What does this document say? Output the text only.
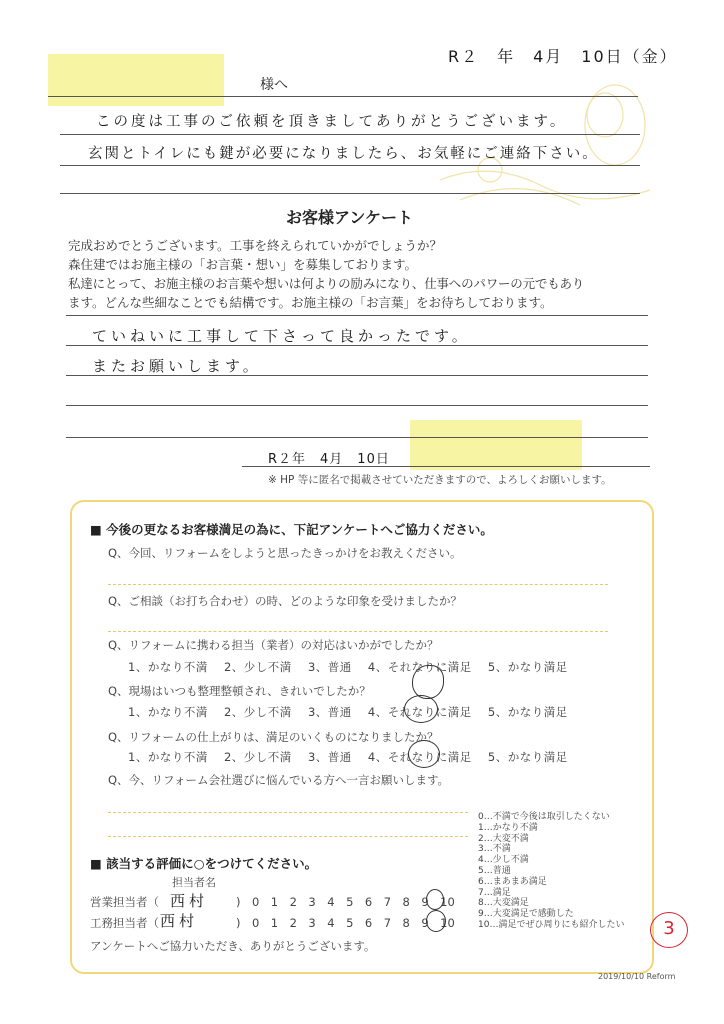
R２　年　4月　10日（金）
様へ
この度は工事のご依頼を頂きましてありがとうございます。
玄関とトイレにも鍵が必要になりましたら、お気軽にご連絡下さい。
お客様アンケート
完成おめでとうございます。工事を終えられていかがでしょうか？
森住建ではお施主様の「お言葉・想い」を募集しております。
私達にとって、お施主様のお言葉や想いは何よりの励みになり、仕事へのパワーの元でもあり
ます。どんな些細なことでも結構です。お施主様の「お言葉」をお待ちしております。
ていねいに工事して下さって良かったです。
またお願いします。
R２年　4月　10日
※ HP 等に匿名で掲載させていただきますので、よろしくお願いします。
■ 今後の更なるお客様満足の為に、下記アンケートへご協力ください。
Q、今回、リフォームをしようと思ったきっかけをお教えください。
Q、ご相談（お打ち合わせ）の時、どのような印象を受けましたか？
Q、リフォームに携わる担当（業者）の対応はいかがでしたか？
1、かなり不満　 2、少し不満　 3、普通　 4、それなりに満足　 5、かなり満足
Q、現場はいつも整理整頓され、きれいでしたか？
1、かなり不満　 2、少し不満　 3、普通　 4、それなりに満足　 5、かなり満足
Q、リフォームの仕上がりは、満足のいくものになりましたか？
1、かなり不満　 2、少し不満　 3、普通　 4、それなりに満足　 5、かなり満足
Q、今、リフォーム会社選びに悩んでいる方へ一言お願いします。
■ 該当する評価に○をつけてください。
担当者名
営業担当者（ 西村 )　0　1　2　3　4　5　6　7　8　9　10
工務担当者（ 西村	)　0　1　2　3　4　5　6　7　8　9　10
アンケートへご協力いただき、ありがとうございます。
0…不満で今後は取引したくない
1…かなり不満
2…大変不満
3…不満
4…少し不満
5…普通
6…まあまあ満足
7…満足
8…大変満足
9…大変満足で感動した
10…満足でぜひ周りにも紹介したい	3
2019/10/10 Reform
